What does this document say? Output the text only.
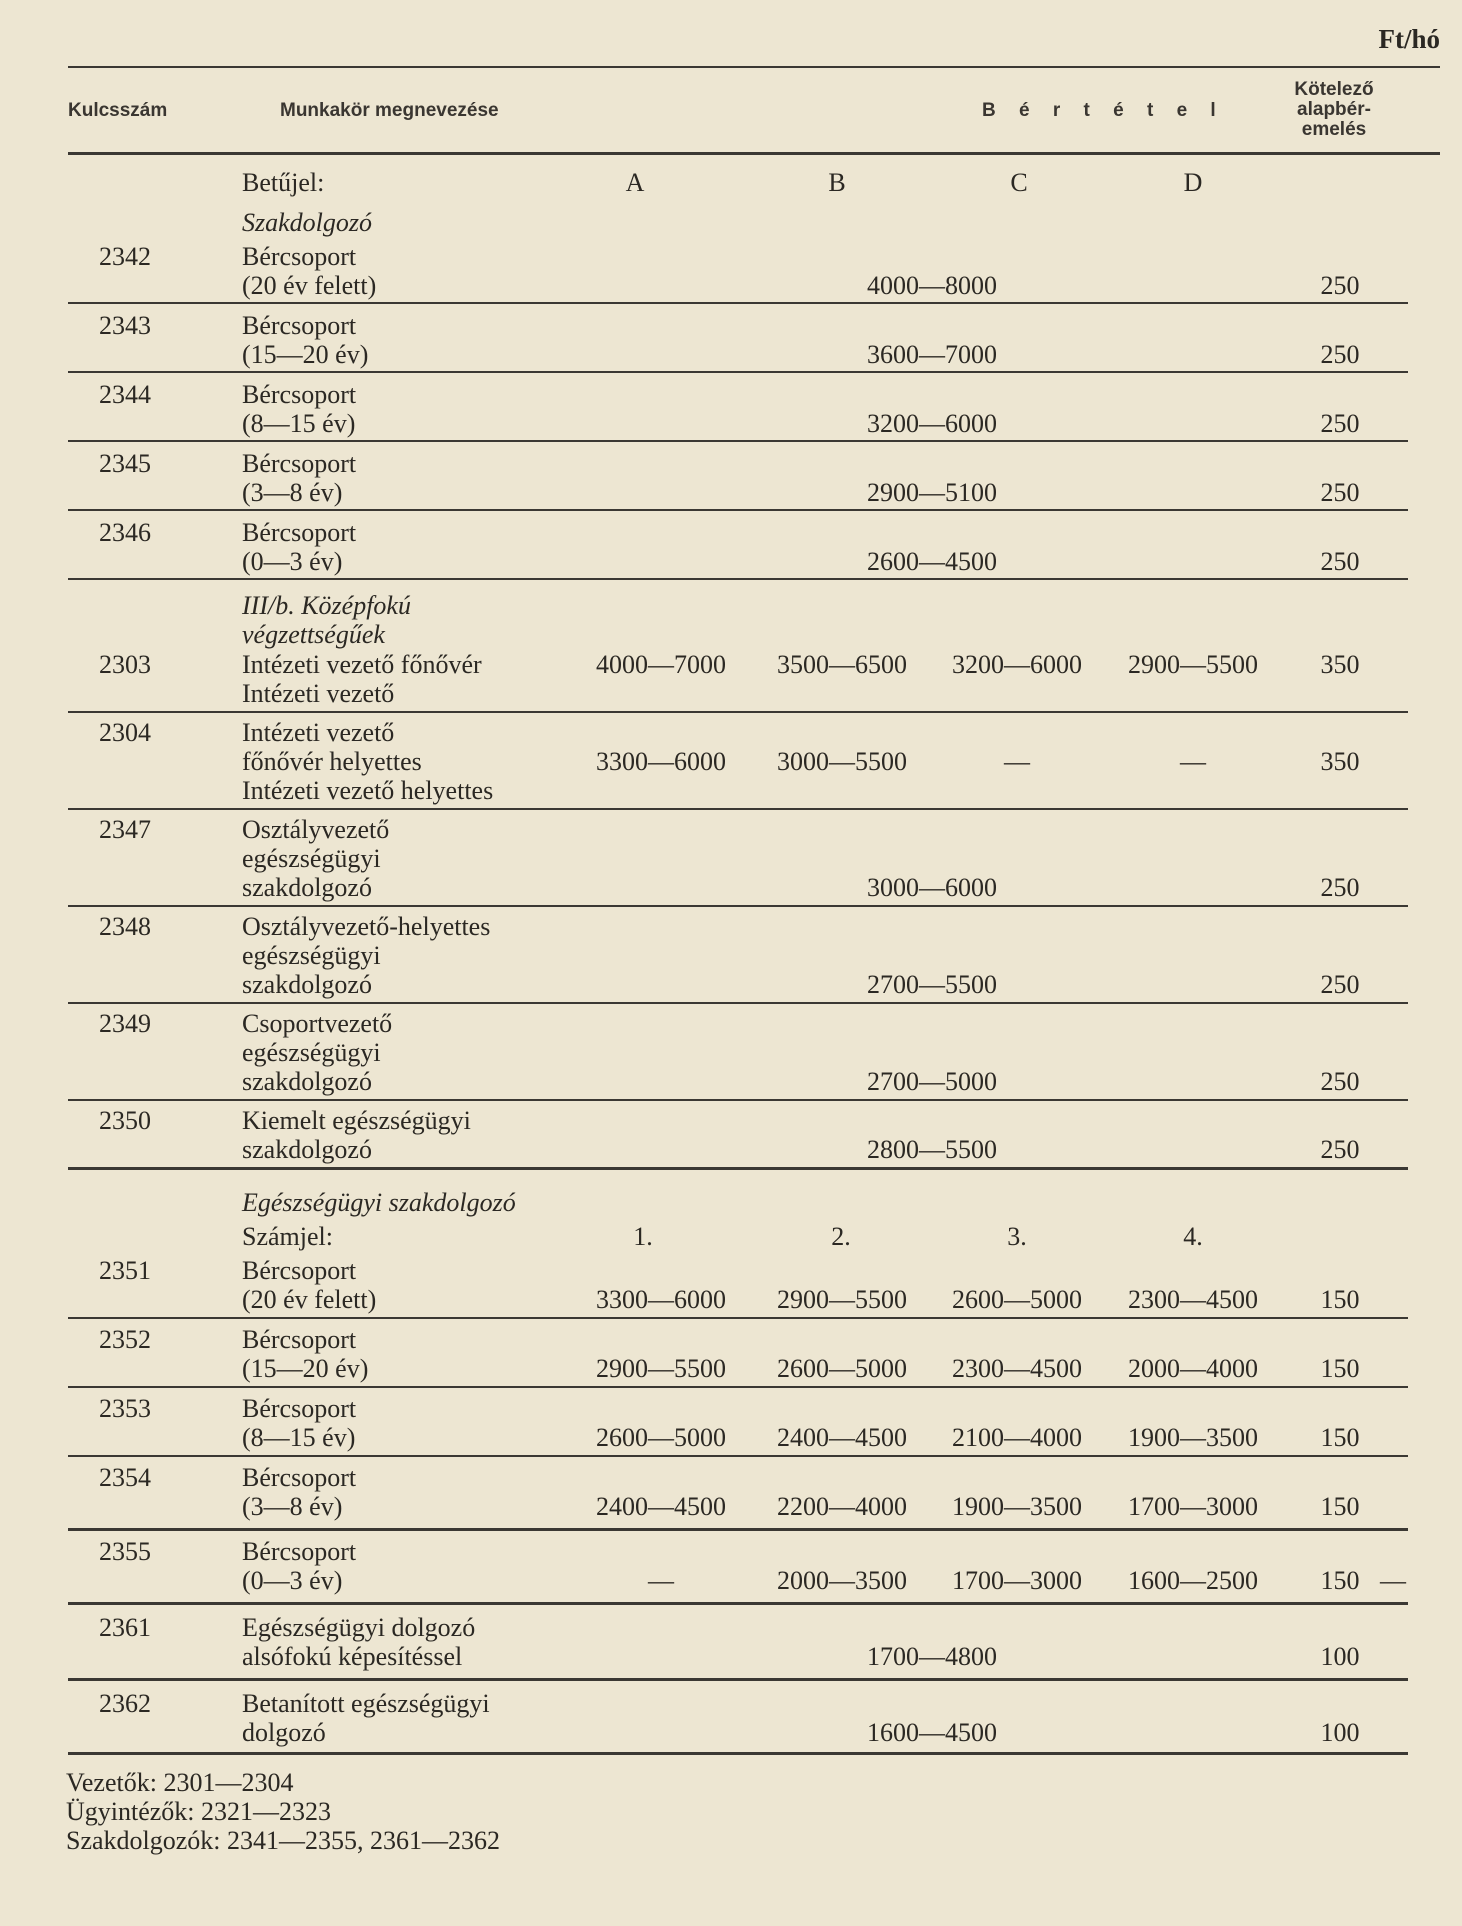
Ft/hó
Kulcsszám	Munkakör megnevezése	B é r t é t e l
Kötelező
alapbér-
emelés
Betűjel:	A	B	C	D
Szakdolgozó
2342	Bércsoport
(20 év felett)	4000—8000	250
2343	Bércsoport
(15—20 év)	3600—7000	250
2344	Bércsoport
(8—15 év)	3200—6000	250
2345	Bércsoport
(3—8 év)	2900—5100	250
2346	Bércsoport
(0—3 év)	2600—4500	250
III/b. Középfokú
végzettségűek
2303	Intézeti vezető főnővér
Intézeti vezető
4000—7000	3500—6500	3200—6000	2900—5500	350
2304	Intézeti vezető
főnővér helyettes
Intézeti vezető helyettes
3300—6000	3000—5500	—	—	350
2347	Osztályvezető
egészségügyi
szakdolgozó	3000—6000	250
2348	Osztályvezető-helyettes
egészségügyi
szakdolgozó	2700—5500	250
2349	Csoportvezető
egészségügyi
szakdolgozó	2700—5000	250
2350	Kiemelt egészségügyi
szakdolgozó	2800—5500	250
Egészségügyi szakdolgozó
Számjel:	1.	2.	3.	4.
2351	Bércsoport
(20 év felett)	3300—6000	2900—5500	2600—5000	2300—4500	150
2352	Bércsoport
(15—20 év)	2900—5500	2600—5000	2300—4500	2000—4000	150
2353	Bércsoport
(8—15 év)	2600—5000	2400—4500	2100—4000	1900—3500	150
2354	Bércsoport
(3—8 év)	2400—4500	2200—4000	1900—3500	1700—3000	150
2355	Bércsoport
(0—3 év)	—	2000—3500	1700—3000	1600—2500	150 —
2361	Egészségügyi dolgozó
alsófokú képesítéssel	1700—4800	100
2362	Betanított egészségügyi
dolgozó	1600—4500	100
Vezetők: 2301—2304
Ügyintézők: 2321—2323
Szakdolgozók: 2341—2355, 2361—2362
